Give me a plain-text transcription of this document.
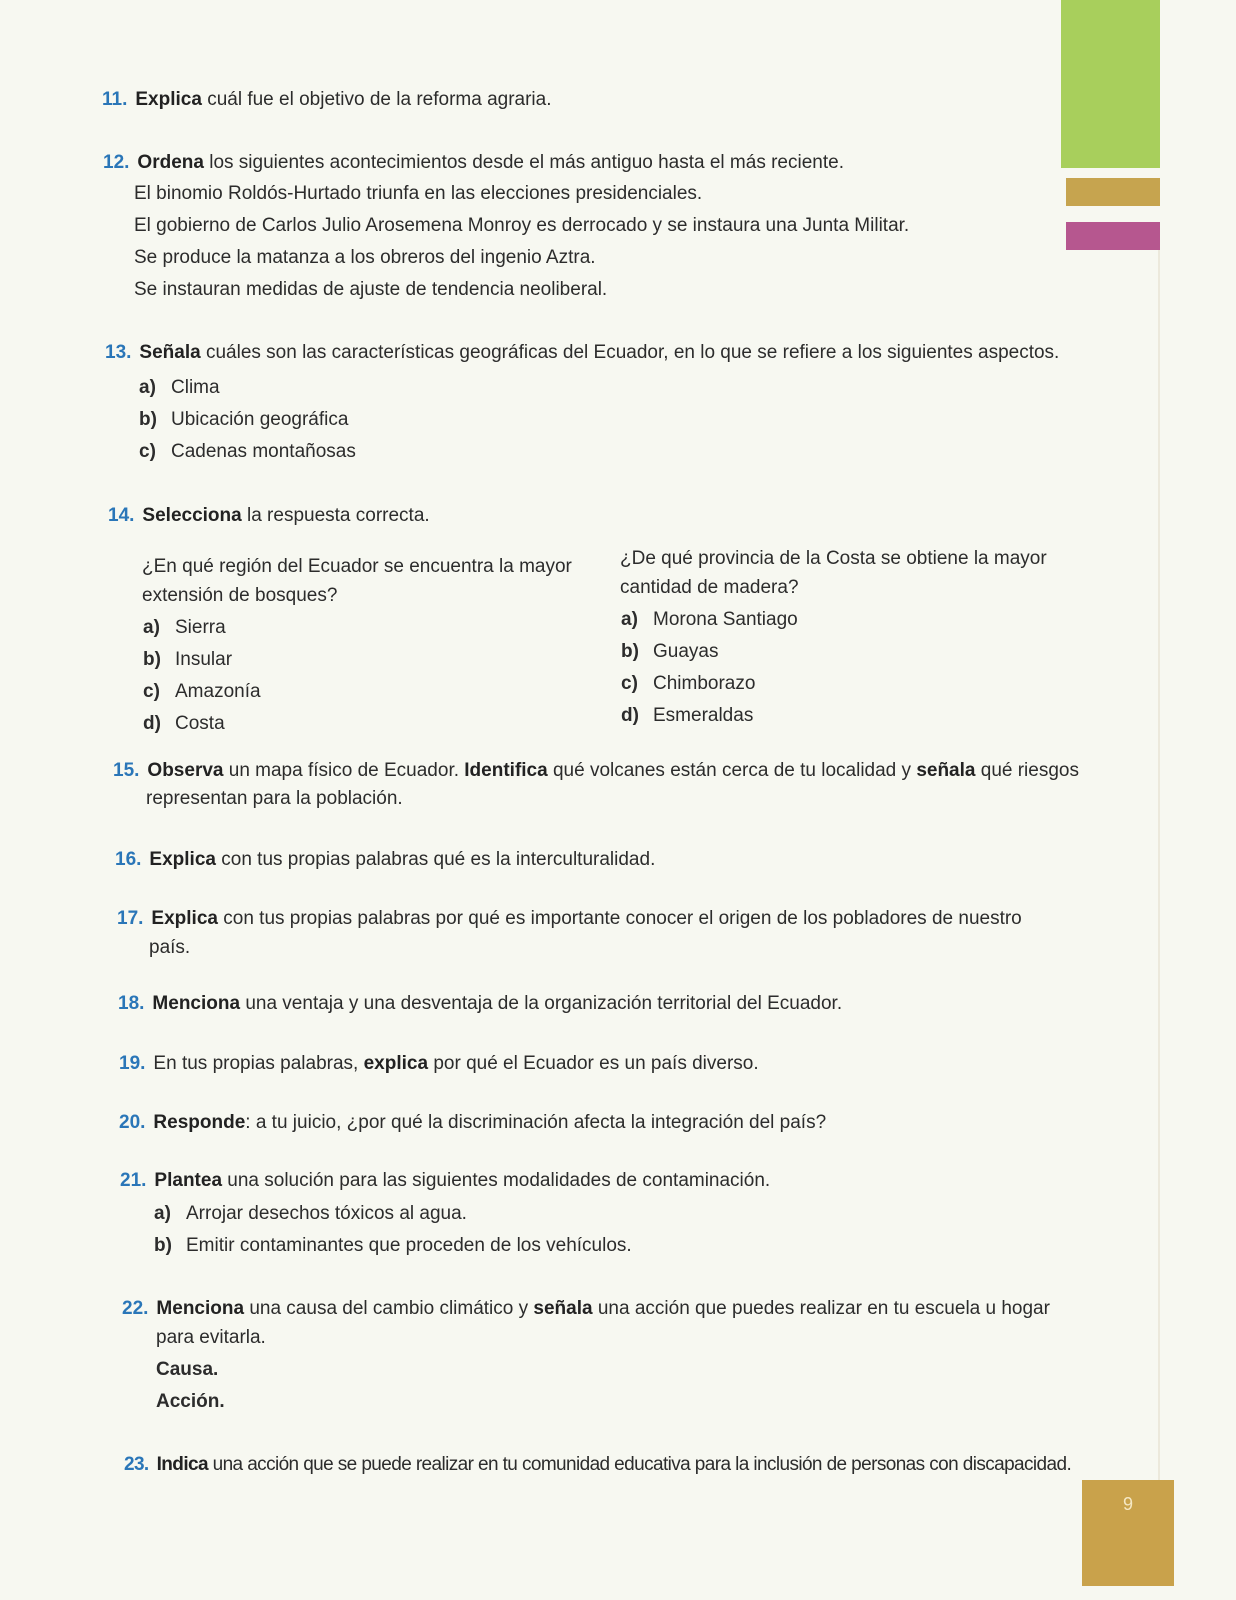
9
11. Explica cuál fue el objetivo de la reforma agraria.
12. Ordena los siguientes acontecimientos desde el más antiguo hasta el más reciente.
El binomio Roldós-Hurtado triunfa en las elecciones presidenciales.
El gobierno de Carlos Julio Arosemena Monroy es derrocado y se instaura una Junta Militar.
Se produce la matanza a los obreros del ingenio Aztra.
Se instauran medidas de ajuste de tendencia neoliberal.
13. Señala cuáles son las características geográficas del Ecuador, en lo que se refiere a los siguientes aspectos.
a) Clima
b) Ubicación geográfica
c) Cadenas montañosas
14. Selecciona la respuesta correcta.
¿En qué región del Ecuador se encuentra la mayor
extensión de bosques?
a) Sierra
b) Insular
c) Amazonía
d) Costa
¿De qué provincia de la Costa se obtiene la mayor
cantidad de madera?
a) Morona Santiago
b) Guayas
c) Chimborazo
d) Esmeraldas
15. Observa un mapa físico de Ecuador. Identifica qué volcanes están cerca de tu localidad y señala qué riesgos
representan para la población.
16. Explica con tus propias palabras qué es la interculturalidad.
17. Explica con tus propias palabras por qué es importante conocer el origen de los pobladores de nuestro
país.
18. Menciona una ventaja y una desventaja de la organización territorial del Ecuador.
19. En tus propias palabras, explica por qué el Ecuador es un país diverso.
20. Responde: a tu juicio, ¿por qué la discriminación afecta la integración del país?
21. Plantea una solución para las siguientes modalidades de contaminación.
a) Arrojar desechos tóxicos al agua.
b) Emitir contaminantes que proceden de los vehículos.
22. Menciona una causa del cambio climático y señala una acción que puedes realizar en tu escuela u hogar
para evitarla.
Causa.
Acción.
23. Indica una acción que se puede realizar en tu comunidad educativa para la inclusión de personas con discapacidad.
